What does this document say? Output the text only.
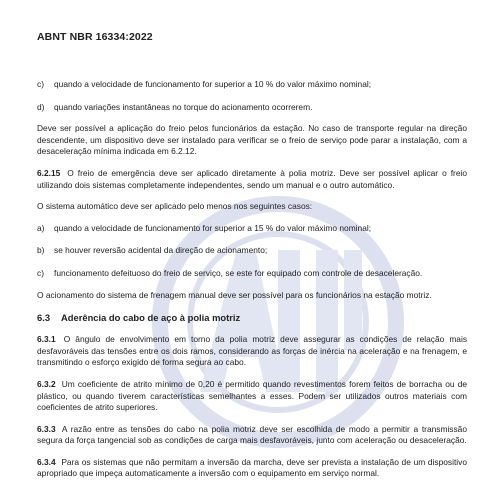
ABNT NBR 16334:2022

c)	quando a velocidade de funcionamento for superior a 10 % do valor máximo nominal;

d)	quando variações instantâneas no torque do acionamento ocorrerem.

Deve ser possível a aplicação do freio pelos funcionários da estação. No caso de transporte regular na direção descendente, um dispositivo deve ser instalado para verificar se o freio de serviço pode parar a instalação, com a desaceleração mínima indicada em 6.2.12.

6.2.15 O freio de emergência deve ser aplicado diretamente à polia motriz. Deve ser possível aplicar o freio utilizando dois sistemas completamente independentes, sendo um manual e o outro automático.

O sistema automático deve ser aplicado pelo menos nos seguintes casos:

a)	quando a velocidade de funcionamento for superior a 15 % do valor máximo nominal;

b)	se houver reversão acidental da direção de acionamento;

c)	funcionamento defeituoso do freio de serviço, se este for equipado com controle de desaceleração.

O acionamento do sistema de frenagem manual deve ser possível para os funcionários na estação motriz.

6.3 Aderência do cabo de aço à polia motriz

6.3.1 O ângulo de envolvimento em torno da polia motriz deve assegurar as condições de relação mais desfavoráveis das tensões entre os dois ramos, considerando as forças de inércia na aceleração e na frenagem, e transmitindo o esforço exigido de forma segura ao cabo.

6.3.2 Um coeficiente de atrito mínimo de 0,20 é permitido quando revestimentos forem feitos de borracha ou de plástico, ou quando tiverem características semelhantes a esses. Podem ser utilizados outros materiais com coeficientes de atrito superiores.

6.3.3 A razão entre as tensões do cabo na polia motriz deve ser escolhida de modo a permitir a transmissão segura da força tangencial sob as condições de carga mais desfavoráveis, junto com aceleração ou desaceleração.

6.3.4 Para os sistemas que não permitam a inversão da marcha, deve ser prevista a instalação de um dispositivo apropriado que impeça automaticamente a inversão com o equipamento em serviço normal.
